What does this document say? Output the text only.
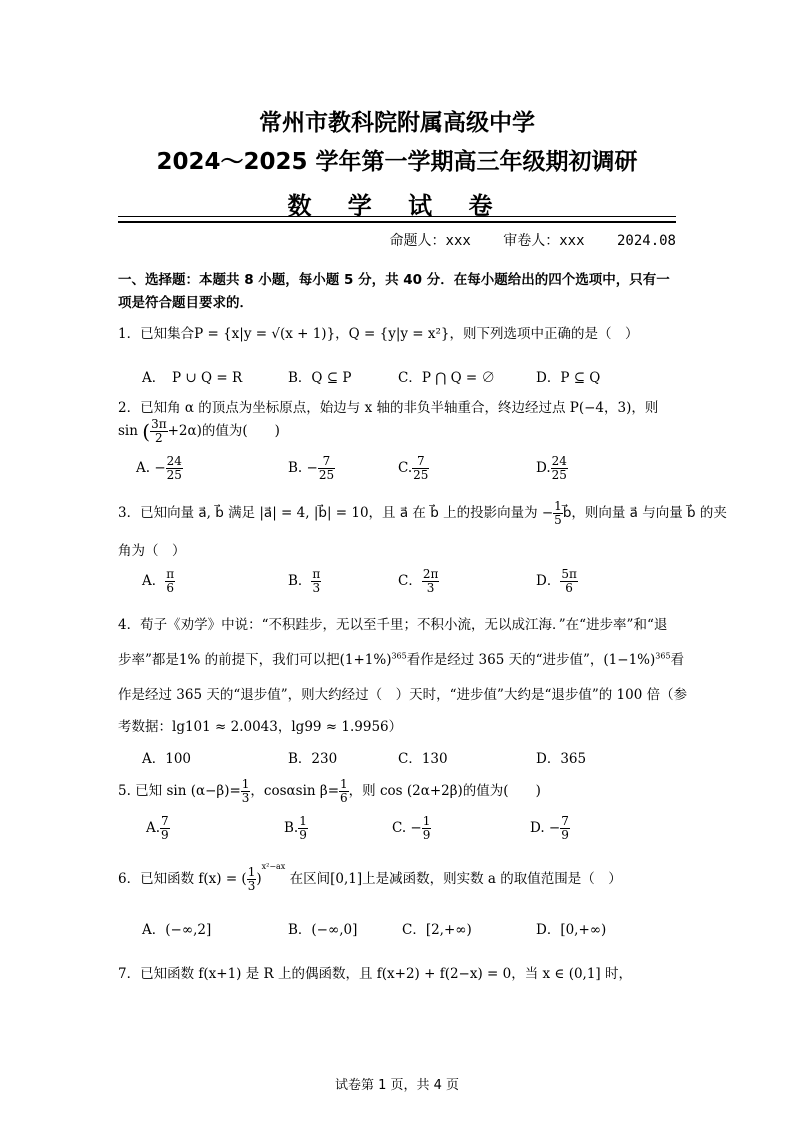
常州市教科院附属高级中学
2024～2025 学年第一学期高三年级期初调研
数 学 试 卷
命题人：xxx 审卷人：xxx 2024.08
一、选择题：本题共 8 小题，每小题 5 分，共 40 分．在每小题给出的四个选项中，只有一
项是符合题目要求的．
1．已知集合P = {x|y = √(x + 1)}，Q = {y|y = x²}，则下列选项中正确的是（　）
A．　P ∪ Q = R	B．Q ⊆ P	C．P ⋂ Q = ∅	D．P ⊆ Q
2．已知角 α 的顶点为坐标原点，始边与 x 轴的非负半轴重合，终边经过点 P(−4，3)，则
sin ( $\frac{3\pi}{2} +2\alpha$)的值为(　　)
A. − $\frac{24}{25}$	B. − $\frac{7}{25}$	C. $\frac{7}{25}$	D. $\frac{24}{25}$
3．已知向量 a⃗, b⃗ 满足 |a⃗| = 4, |b⃗| = 10，且 a⃗ 在 b⃗ 上的投影向量为 − $\frac{1}{5}$ b⃗，则向量 a⃗ 与向量 b⃗ 的夹
角为（　）
A． $\frac{\pi}{6}$	B． $\frac{\pi}{3}$	C． $\frac{2\pi}{3}$	D． $\frac{5\pi}{6}$
4．荀子《劝学》中说：“不积跬步，无以至千里；不积小流，无以成江海．”在“进步率”和“退
步率”都是1% 的前提下，我们可以把$(1+1\%)^{365}$看作是经过 365 天的“进步值”，$(1-1\%)^{365}$看
作是经过 365 天的“退步值”，则大约经过（　）天时，“进步值”大约是“退步值”的 100 倍（参
考数据：lg101 ≈ 2.0043，lg99 ≈ 1.9956）
A．100	B．230	C．130	D．365
5. 已知 $\sin (\alpha-\beta)= \frac{1}{3}$ ，cosαsin $\beta= \frac{1}{6}$ ，则 cos (2α+2β)的值为(　　)
A. $\frac{7}{9}$	B. $\frac{1}{9}$	C. − $\frac{1}{9}$	D. − $\frac{7}{9}$
6．已知函数 f(x) = ( $\frac{1}{3} )^{x^2-ax}$ 在区间[0,1]上是减函数，则实数 a 的取值范围是（　）
A．(−∞,2]	B．(−∞,0]	C．[2,+∞)	D．[0,+∞)
7．已知函数 f(x+1) 是 R 上的偶函数，且 f(x+2) + f(2−x) = 0，当 x ∈ (0,1] 时，
试卷第 1 页，共 4 页
